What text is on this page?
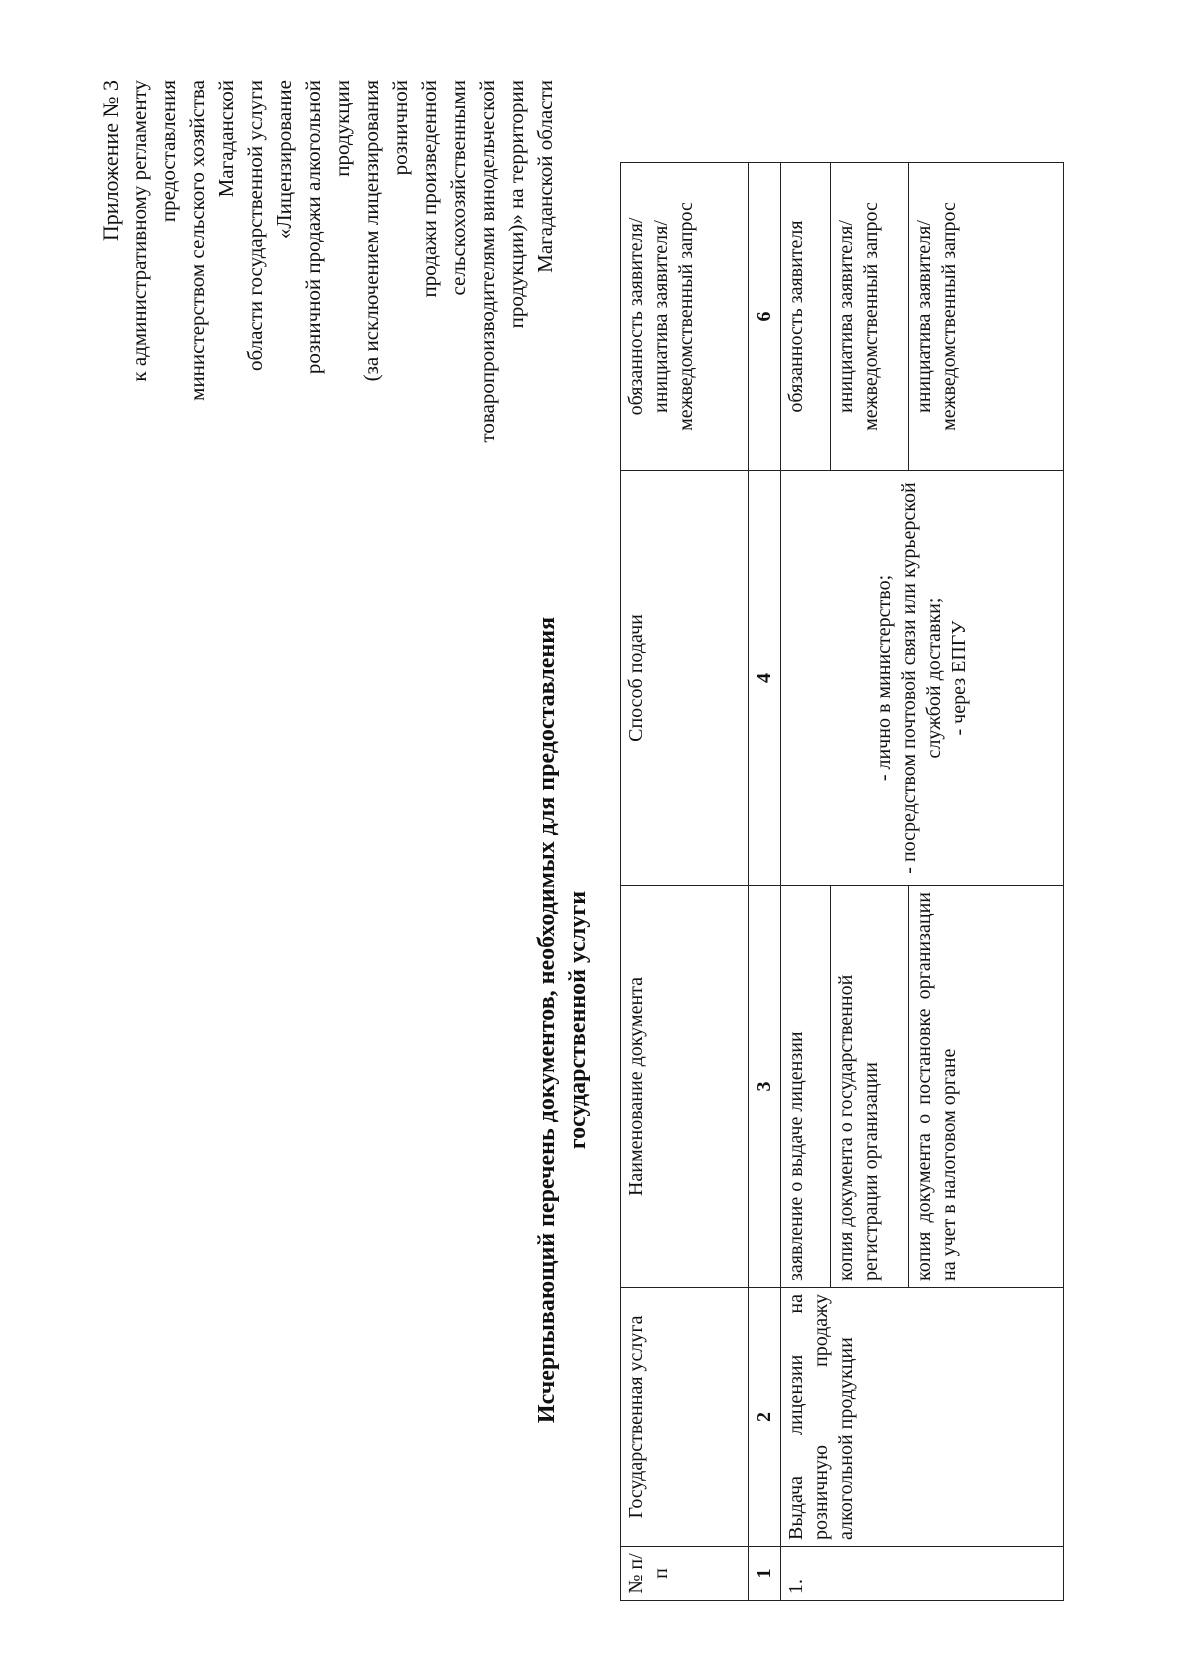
Приложение № 3 к административному регламенту предоставления министерством сельского хозяйства Магаданской области государственной услуги «Лицензирование розничной продажи алкогольной продукции (за исключением лицензирования розничной продажи произведенной сельскохозяйственными товаропроизводителями винодельческой продукции)» на территории Магаданской области
Исчерпывающий перечень документов, необходимых для предоставления государственной услуги
№ п/п	Государственная услуга	Наименование документа	Способ подачи	обязанность заявителя/инициатива заявителя/ межведомственный запрос
1	2	3	4	6
1.	Выдача лицензии на розничную продажу алкогольной продукции	заявление о выдаче лицензии	- лично в министерство; - посредством почтовой связи или курьерской службой доставки; - через ЕПГУ	обязанность заявителя
		копия документа о государственной регистрации организации		инициатива заявителя/межведомственный запрос
		копия документа о постановке организации на учет в налоговом органе		инициатива заявителя/межведомственный запрос
